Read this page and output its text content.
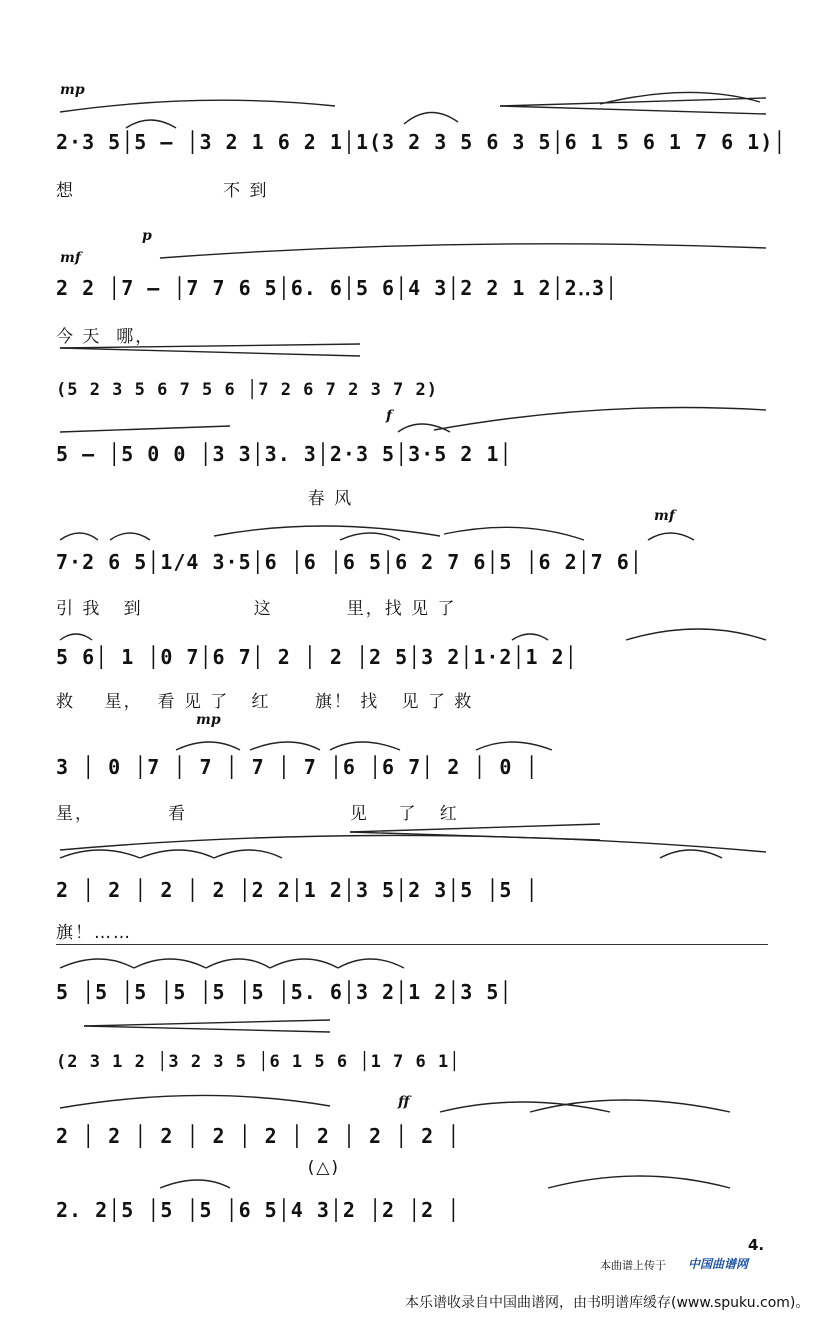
mp
2·3 5│5 — │3 2 1 6 2 1│1(3 2 3 5 6 3 5│6 1 5 6 1 7 6 1)│
想                    不 到
mf
p
2 2 │7 — │7 7 6 5│6. 6│5 6│4 3│2 2 1 2│2‥3│
今 天  哪，
(5 2 3 5 6 7 5 6 │7 2 6 7 2 3 7 2)
f
5 — │5 0 0 │3 3│3. 3│2·3 5│3·5 2 1│
春 风
mf
7·2 6 5│1/4 3·5│6 │6 │6 5│6 2 7 6│5 │6 2│7 6│
引 我   到               这          里，找 见 了
5 6│ 1 │0 7│6 7│ 2 │ 2 │2 5│3 2│1·2│1 2│
救    星，  看 见 了   红      旗！ 找   见 了 救
mp
3 │ 0 │7 │ 7 │ 7 │ 7 │6 │6 7│ 2 │ 0 │
星，          看                      见    了   红
2 │ 2 │ 2 │ 2 │2 2│1 2│3 5│2 3│5 │5 │
旗！……
5 │5 │5 │5 │5 │5 │5. 6│3 2│1 2│3 5│
(2 3 1 2 │3 2 3 5 │6 1 5 6 │1 7 6 1│
ff
2 │ 2 │ 2 │ 2 │ 2 │ 2 │ 2 │ 2 │
(△)
2. 2│5 │5 │5 │6 5│4 3│2 │2 │2 │
4.
本曲谱上传于 中国曲谱网
本乐谱收录自中国曲谱网，由书明谱库缓存(www.spuku.com)。
